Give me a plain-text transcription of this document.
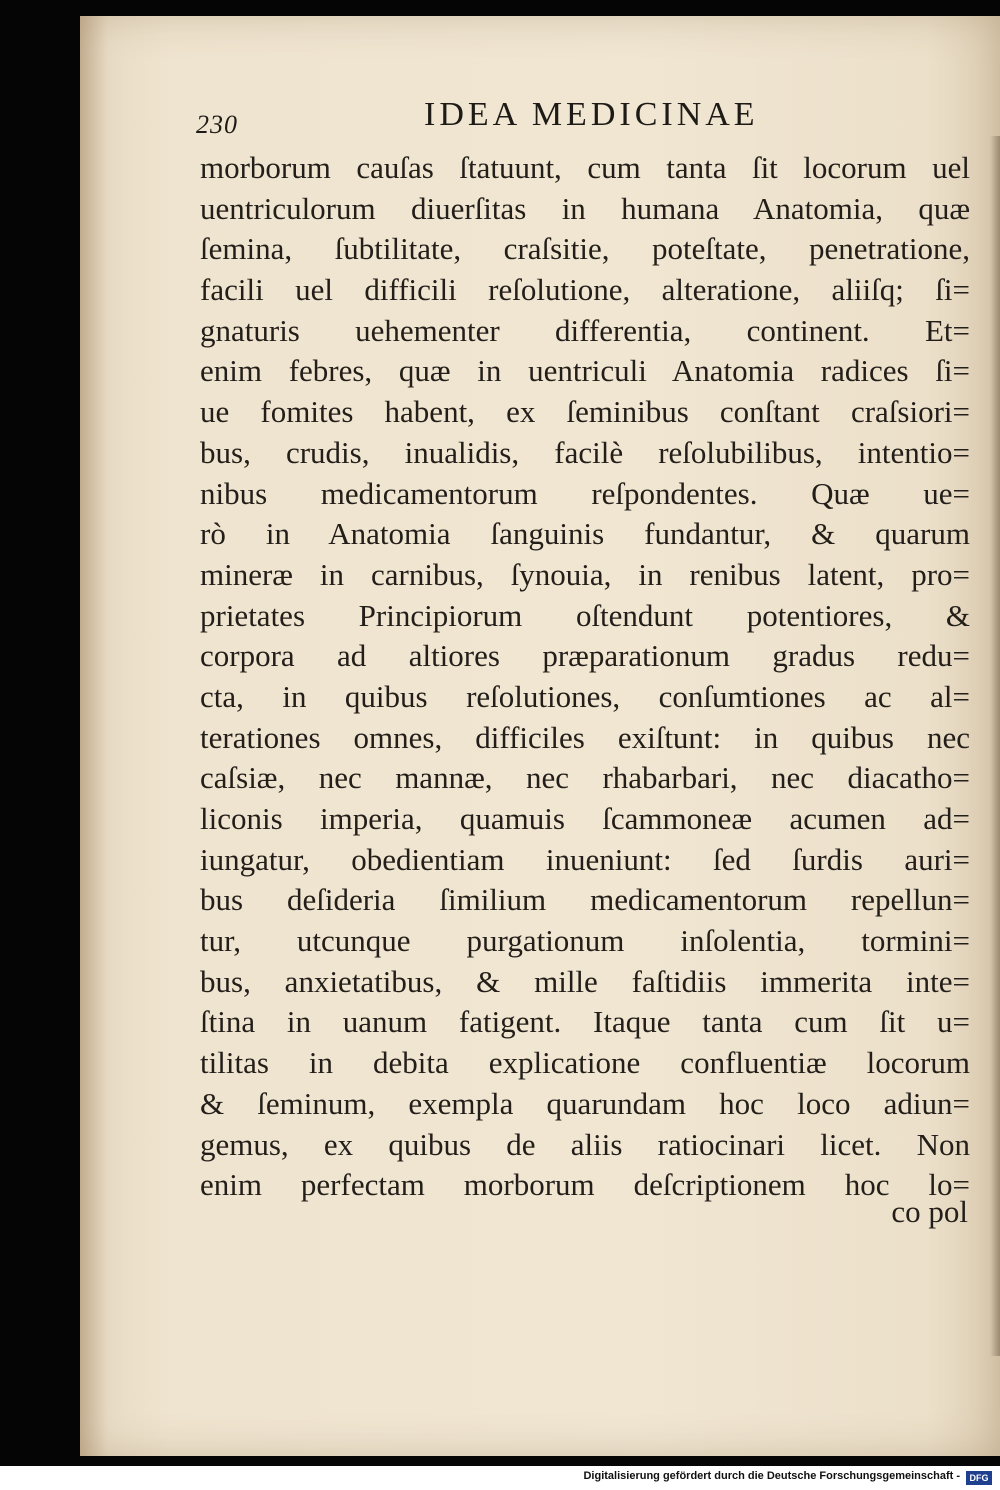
230	IDEA MEDICINAE
morborum cauſas ſtatuunt, cum tanta ſit locorum uel
uentriculorum diuerſitas in humana Anatomia, quæ
ſemina, ſubtilitate, craſsitie, poteſtate, penetratione,
facili uel difficili reſolutione, alteratione, aliiſq; ſi=
gnaturis uehementer differentia, continent. Et=
enim febres, quæ in uentriculi Anatomia radices ſi=
ue fomites habent, ex ſeminibus conſtant craſsiori=
bus, crudis, inualidis, facilè reſolubilibus, intentio=
nibus medicamentorum reſpondentes. Quæ ue=
rò in Anatomia ſanguinis fundantur, & quarum
mineræ in carnibus, ſynouia, in renibus latent, pro=
prietates Principiorum oſtendunt potentiores, &
corpora ad altiores præparationum gradus redu=
cta, in quibus reſolutiones, conſumtiones ac al=
terationes omnes, difficiles exiſtunt: in quibus nec
caſsiæ, nec mannæ, nec rhabarbari, nec diacatho=
liconis imperia, quamuis ſcammoneæ acumen ad=
iungatur, obedientiam inueniunt: ſed ſurdis auri=
bus deſideria ſimilium medicamentorum repellun=
tur, utcunque purgationum inſolentia, tormini=
bus, anxietatibus, & mille faſtidiis immerita inte=
ſtina in uanum fatigent. Itaque tanta cum ſit u=
tilitas in debita explicatione confluentiæ locorum
& ſeminum, exempla quarundam hoc loco adiun=
gemus, ex quibus de aliis ratiocinari licet. Non
enim perfectam morborum deſcriptionem hoc lo=
co pol
Digitalisierung gefördert durch die Deutsche Forschungsgemeinschaft -	DFG
